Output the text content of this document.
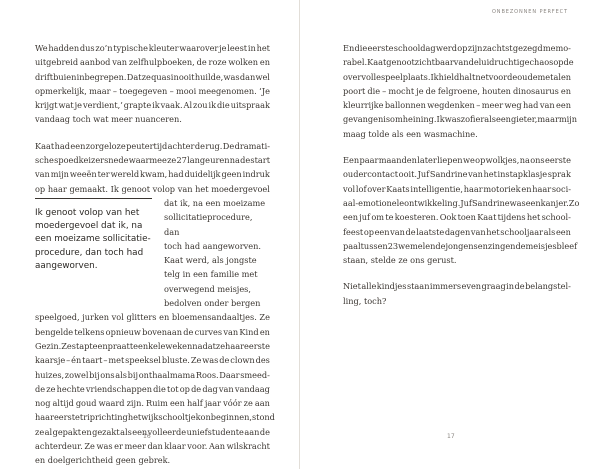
ONBEZONNEN PERFECT
We hadden dus zo’n typische kleuter waarover je leest in het
uitgebreid aanbod van zelfhulpboeken, de roze wolken en
driftbuien inbegrepen. Dat ze quasi nooit huilde, was dan wel
opmerkelijk, maar – toegegeven – mooi meegenomen. ‘Je
krijgt wat je verdient,’ grapte ik vaak. Al zou ik die uitspraak
vandaag toch wat meer nuanceren.
Kaat had een zorgeloze peutertijd achter de rug. De dramati-
sche spoedkeizersnede waarmee ze 27 lange uren na de start
van mijn weeën ter wereld kwam, had duidelijk geen indruk
op haar gemaakt. Ik genoot volop van het moedergevoel
Ik genoot volop van het moedergevoel dat ik, na een moeizame sollicitatie-procedure, dan toch had aangeworven.
dat ik, na een moeizame
sollicitatieprocedure, dan
toch had aangeworven.
Kaat werd, als jongste
telg in een familie met
overwegend meisjes,
bedolven onder bergen
speelgoed, jurken vol glitters en bloemensandaaltjes. Ze
bengelde telkens opnieuw bovenaan de curves van Kind en
Gezin. Ze stapte en praatte enkele weken nadat ze haar eerste
kaarsje – én taart – met speeksel bluste. Ze was de clown des
huizes, zowel bij ons als bij onthaalmama Roos. Daar smeed-
de ze hechte vriendschappen die tot op de dag van vandaag
nog altijd goud waard zijn. Ruim een half jaar vóór ze aan
haar eerste trip richting het wijkschooltje kon beginnen, stond
ze al gepakt en gezakt als een volleerde uniefstudente aan de
achterdeur. Ze was er meer dan klaar voor. Aan wilskracht
en doelgerichtheid geen gebrek.
16
En die eerste schooldag werd op zijn zachtst gezegd memo-
rabel. Kaat genoot zichtbaar van de luidruchtige chaos op de
overvolle speelplaats. Ik hield halt net voor de oude metalen
poort die – mocht je de felgroene, houten dinosaurus en
kleurrijke ballonnen wegdenken – meer weg had van een
gevangenisomheining. Ik was zo fier als een gieter, maar mijn
maag tolde als een wasmachine.
Een paar maanden later liepen we op wolkjes, na ons eerste
oudercontact ooit. Juf Sandrine van het instapklasje sprak
vol lof over Kaats intelligentie, haar motoriek en haar soci-
aal-emotionele ontwikkeling. Juf Sandrine was een kanjer. Zo
een juf om te koesteren. Ook toen Kaat tijdens het school-
feest op een van de laatste dagen van het schooljaar als een
paal tussen 23 wemelende jongens en zingende meisjes bleef
staan, stelde ze ons gerust.
Niet alle kindjes staan immers even graag in de belangstel-
ling, toch?
17
